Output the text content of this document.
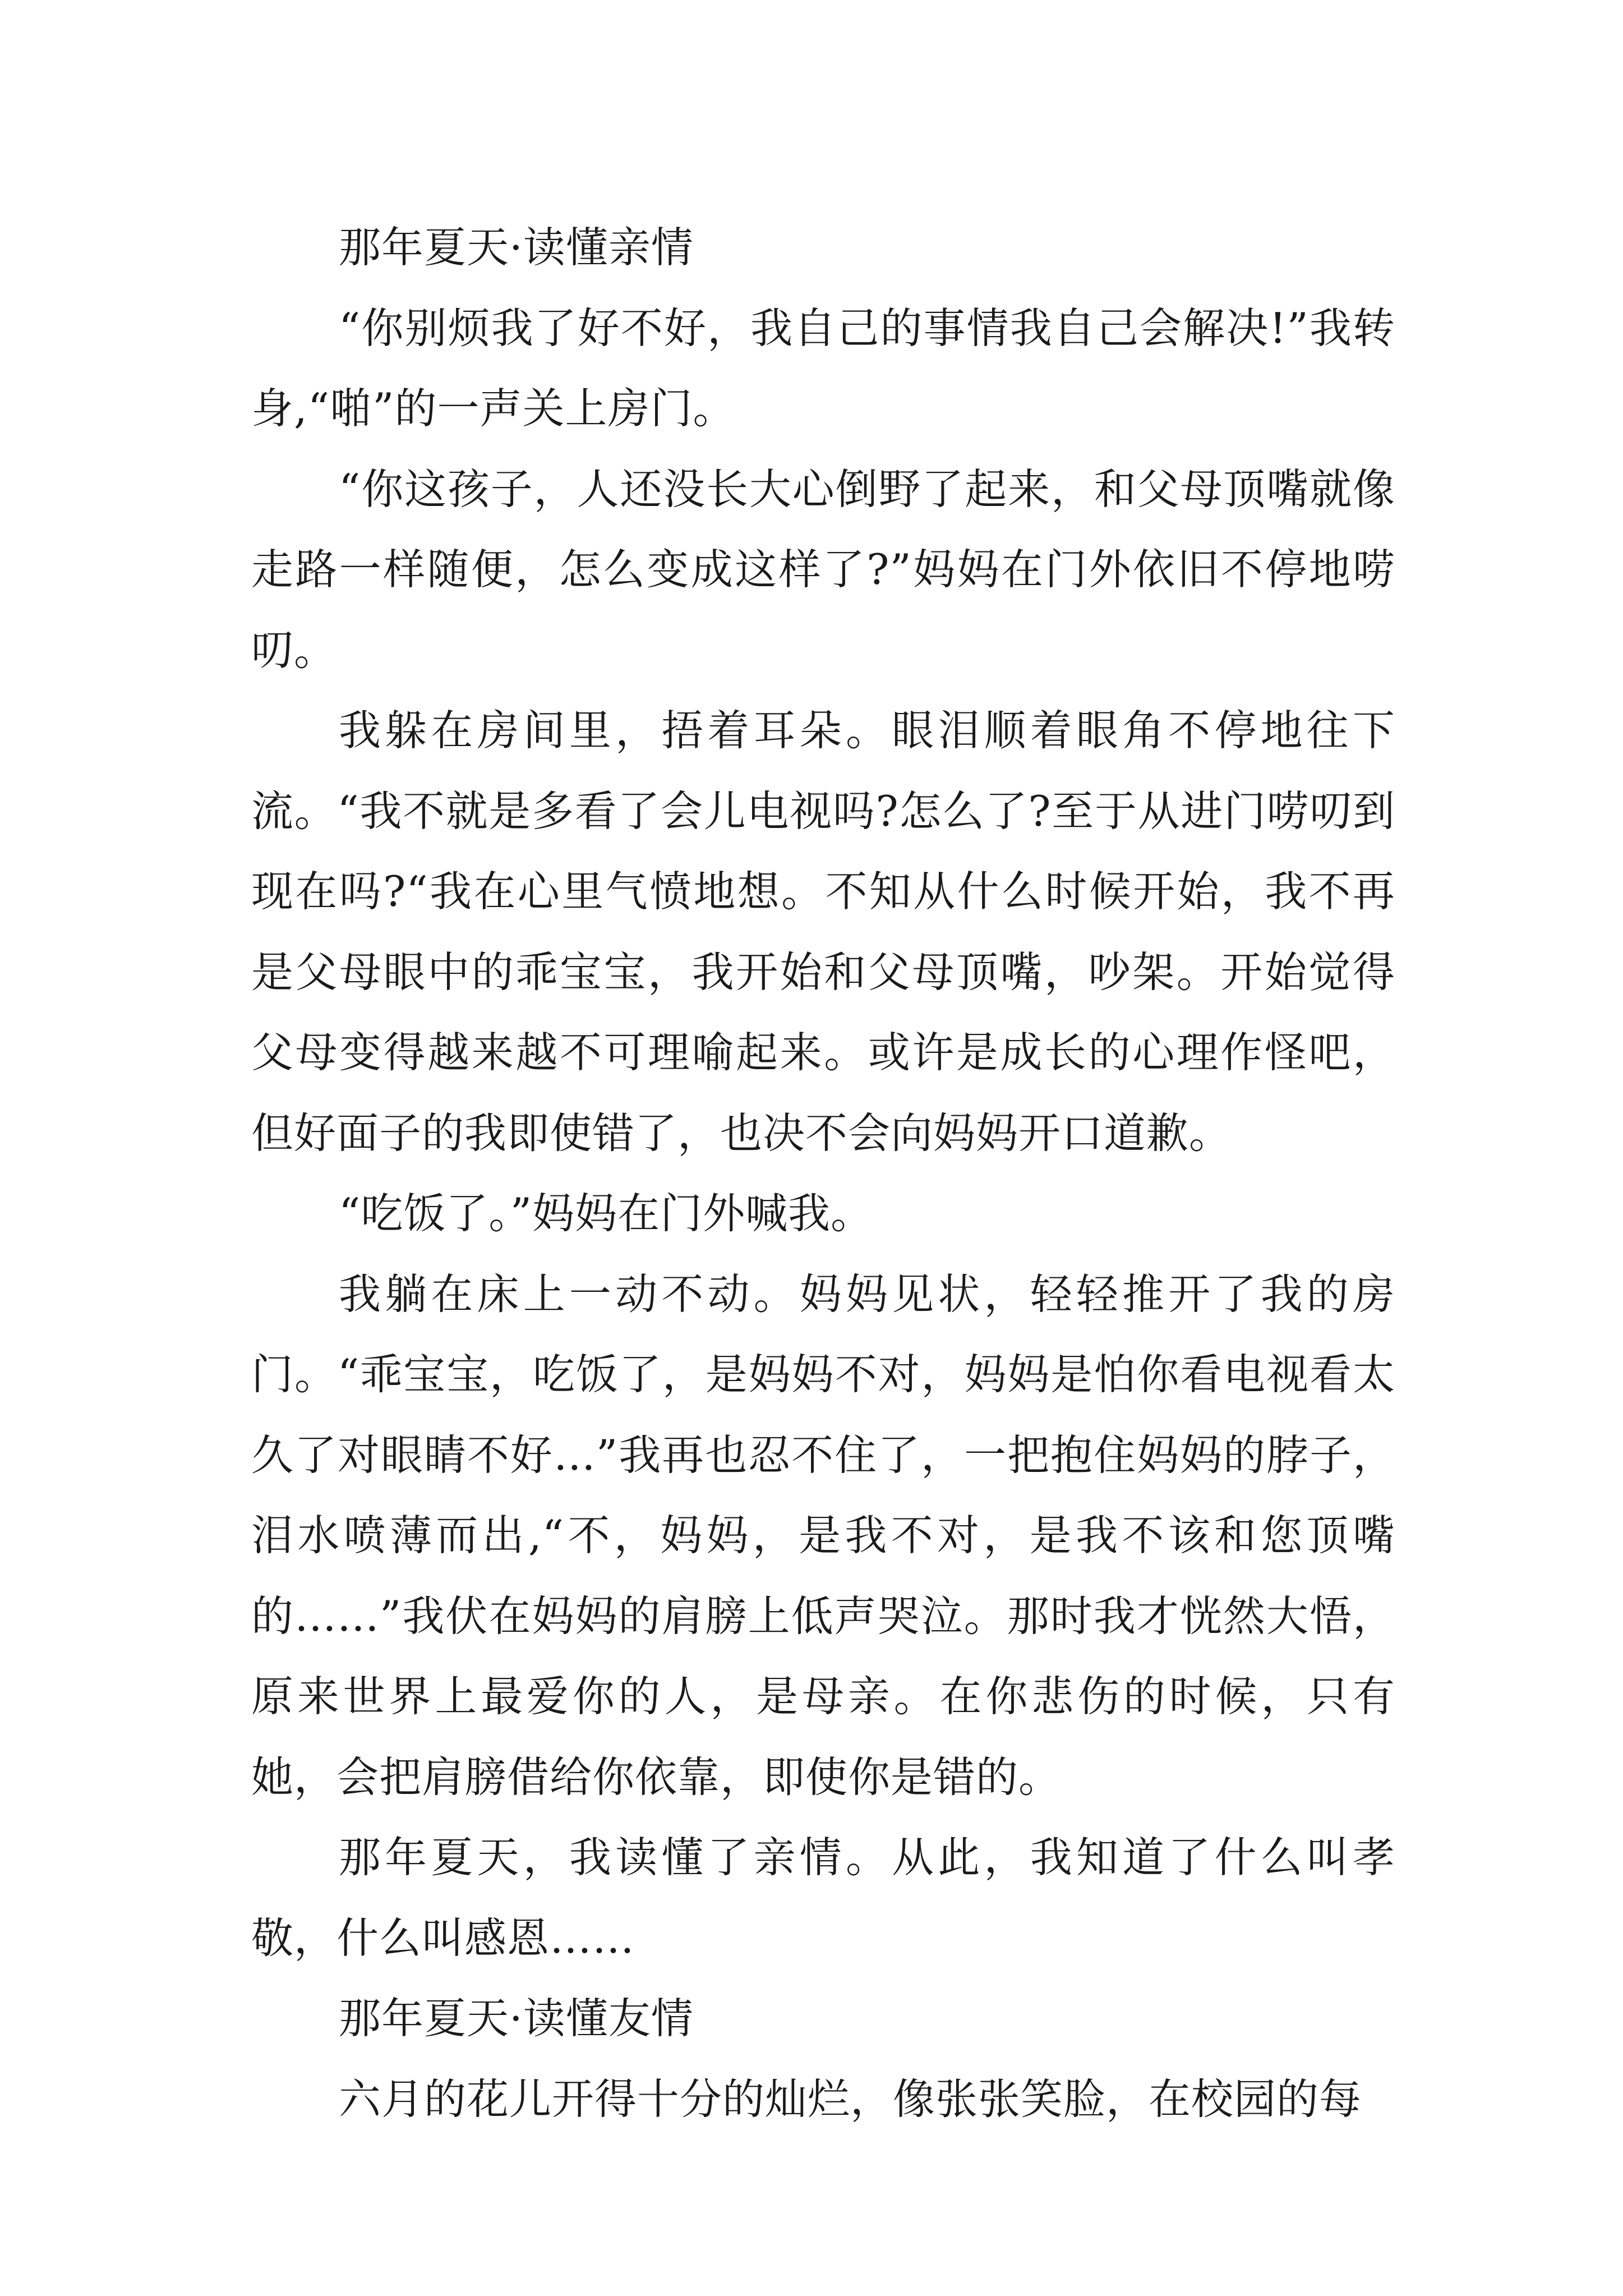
那年夏天·读懂亲情

“你别烦我了好不好，我自己的事情我自己会解决!”我转身,“啪”的一声关上房门。

“你这孩子，人还没长大心倒野了起来，和父母顶嘴就像走路一样随便，怎么变成这样了?”妈妈在门外依旧不停地唠叨。

我躲在房间里，捂着耳朵。眼泪顺着眼角不停地往下流。“我不就是多看了会儿电视吗?怎么了?至于从进门唠叨到现在吗?“我在心里气愤地想。不知从什么时候开始，我不再是父母眼中的乖宝宝，我开始和父母顶嘴，吵架。开始觉得父母变得越来越不可理喻起来。或许是成长的心理作怪吧，但好面子的我即使错了，也决不会向妈妈开口道歉。

“吃饭了。”妈妈在门外喊我。

我躺在床上一动不动。妈妈见状，轻轻推开了我的房门。“乖宝宝，吃饭了，是妈妈不对，妈妈是怕你看电视看太久了对眼睛不好…”我再也忍不住了，一把抱住妈妈的脖子，泪水喷薄而出,“不，妈妈，是我不对，是我不该和您顶嘴的……”我伏在妈妈的肩膀上低声哭泣。那时我才恍然大悟，原来世界上最爱你的人，是母亲。在你悲伤的时候，只有她，会把肩膀借给你依靠，即使你是错的。

那年夏天，我读懂了亲情。从此，我知道了什么叫孝敬，什么叫感恩……

那年夏天·读懂友情

六月的花儿开得十分的灿烂，像张张笑脸，在校园的每
